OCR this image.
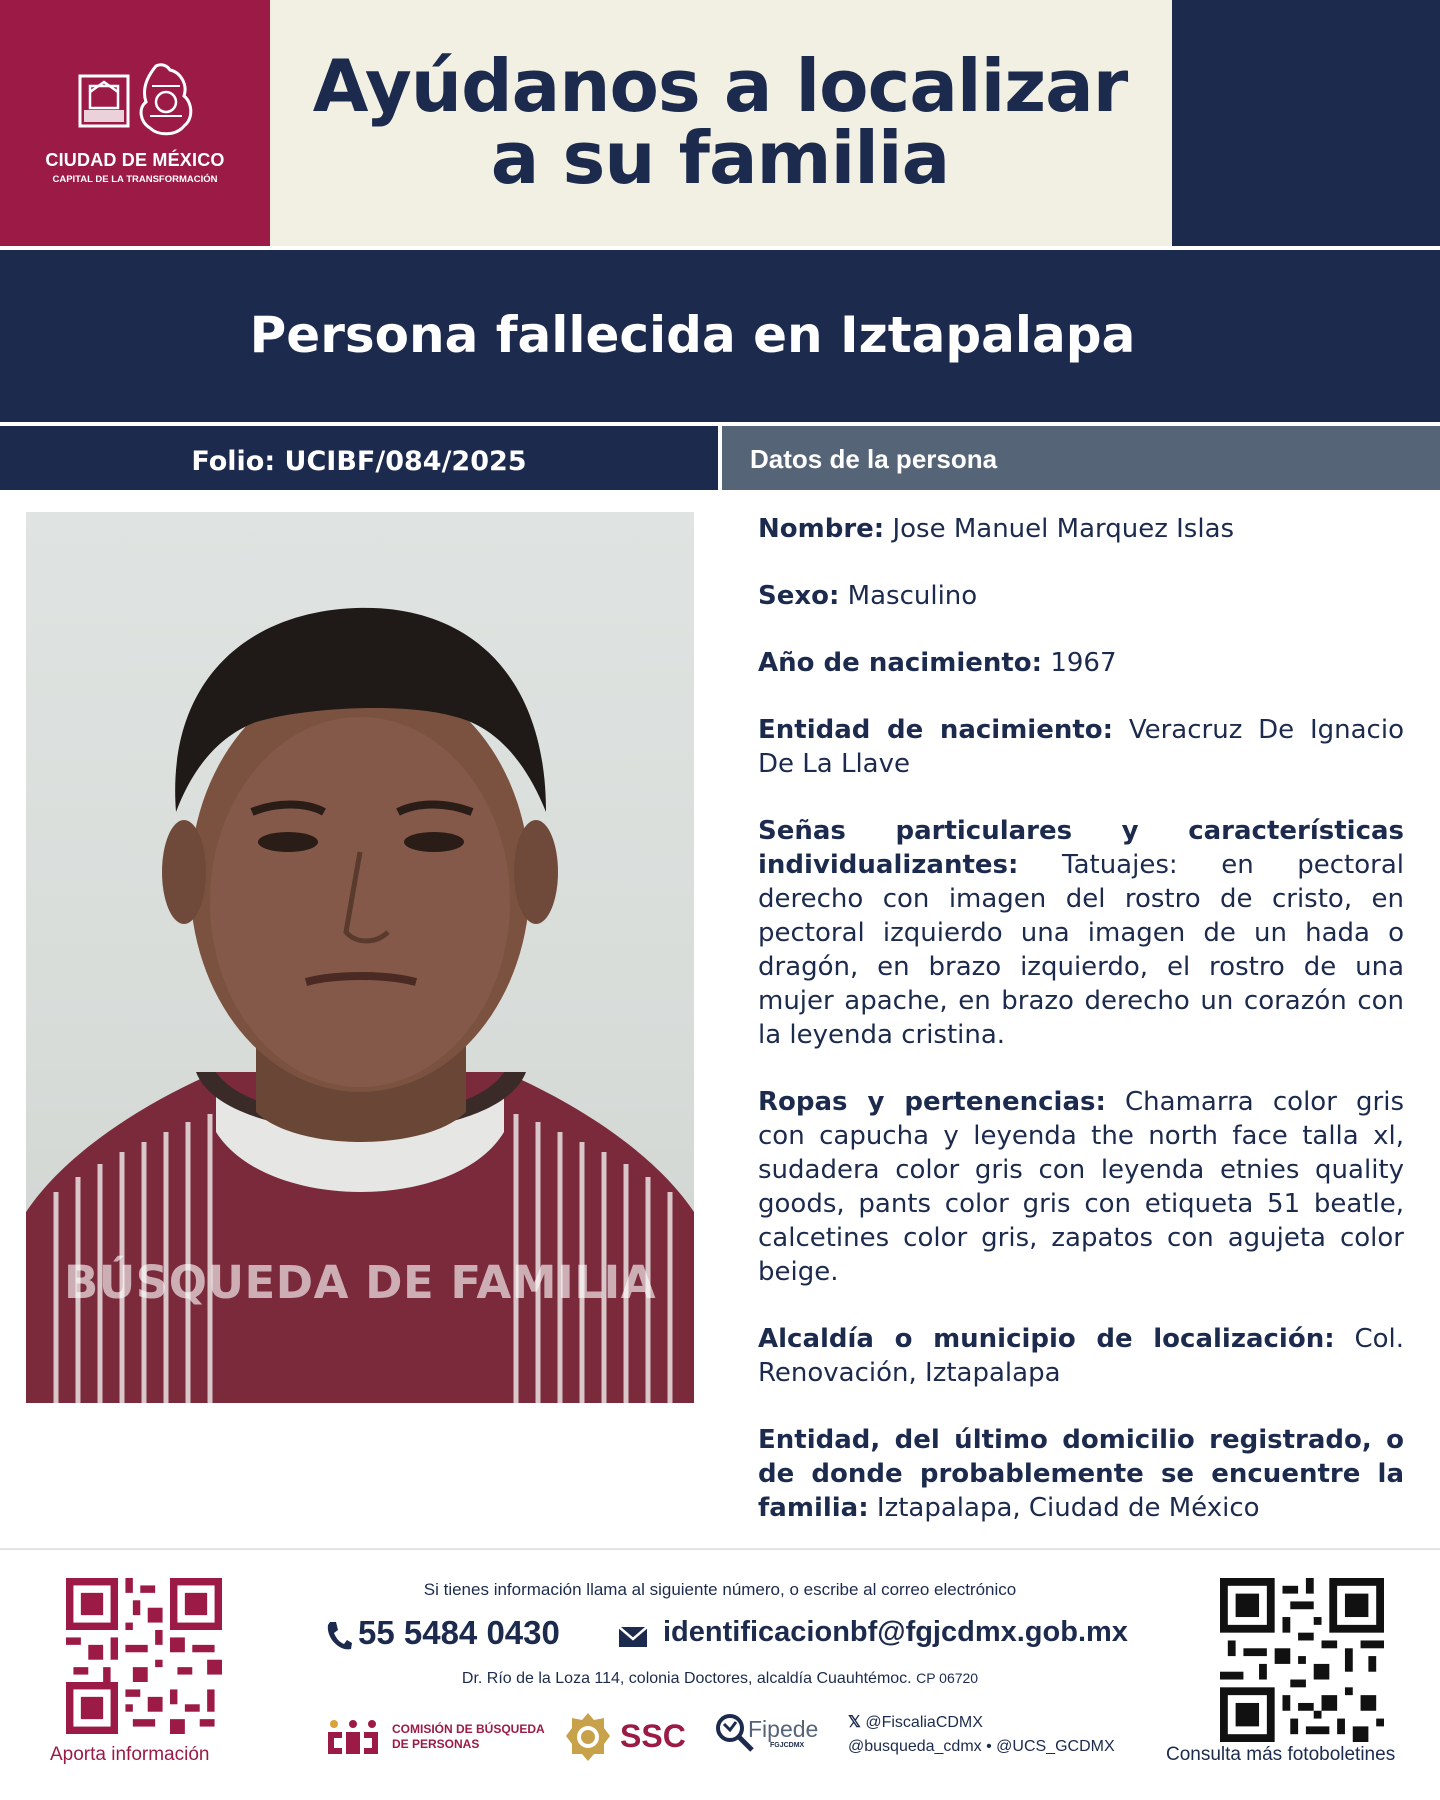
CIUDAD DE MÉXICO
CAPITAL DE LA TRANSFORMACIÓN
Ayúdanos a localizar
a su familia
Persona fallecida en Iztapalapa
Folio: UCIBF/084/2025	Datos de la persona
BÚSQUEDA DE FAMILIA
Nombre: Jose Manuel Marquez Islas
Sexo: Masculino
Año de nacimiento: 1967
Entidad de nacimiento: Veracruz De Ignacio De La Llave
Señas particulares y características individualizantes: Tatuajes: en pectoral derecho con imagen del rostro de cristo, en pectoral izquierdo una imagen de un hada o dragón, en brazo izquierdo, el rostro de una mujer apache, en brazo derecho un corazón con la leyenda cristina.
Ropas y pertenencias: Chamarra color gris con capucha y leyenda the north face talla xl, sudadera color gris con leyenda etnies quality goods, pants color gris con etiqueta 51 beatle, calcetines color gris, zapatos con agujeta color beige.
Alcaldía o municipio de localización: Col. Renovación, Iztapalapa
Entidad, del último domicilio registrado, o de donde probablemente se encuentre la familia: Iztapalapa, Ciudad de México
Aporta información
Si tienes información llama al siguiente número, o escribe al correo electrónico
55 5484 0430	identificacionbf@fgjcdmx.gob.mx
Dr. Río de la Loza 114, colonia Doctores, alcaldía Cuauhtémoc. CP 06720
COMISIÓN DE BÚSQUEDA
DE PERSONAS	SSC	Fipede
FGJCDMX
𝕏 @FiscaliaCDMX
@busqueda_cdmx • @UCS_GCDMX	Consulta más fotoboletines
